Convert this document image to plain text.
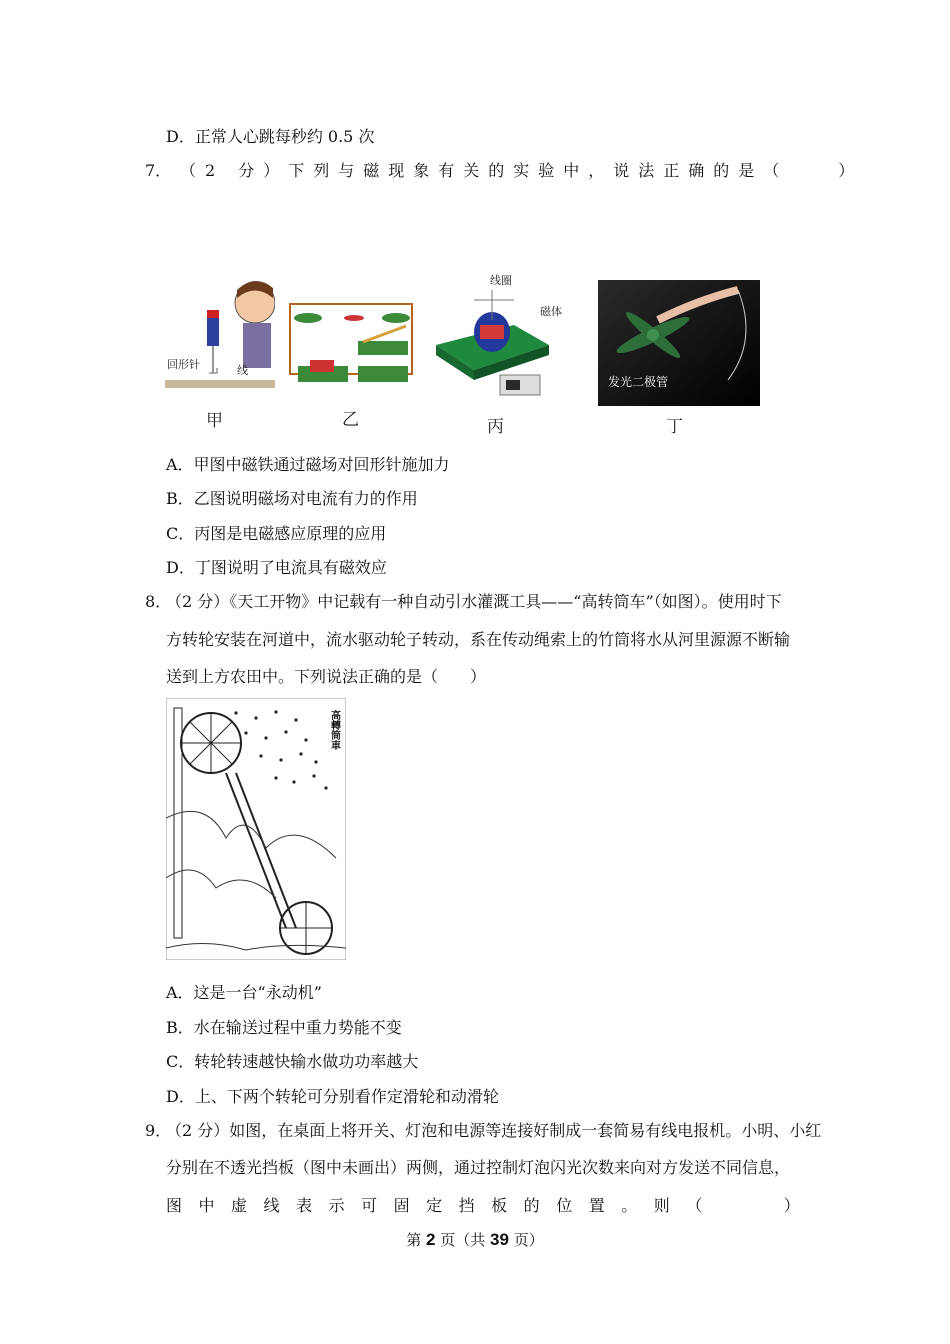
D．正常人心跳每秒约 0.5 次
7． （2 分）下列与磁现象有关的实验中，说法正确的是（　　）
回形针	线
甲	乙
线圈
磁体
丙
发光二极管
丁
A．甲图中磁铁通过磁场对回形针施加力
B．乙图说明磁场对电流有力的作用
C．丙图是电磁感应原理的应用
D．丁图说明了电流具有磁效应
8．
（2 分）《天工开物》中记载有一种自动引水灌溉工具——“高转筒车”（如图）。使用时下
方转轮安装在河道中，流水驱动轮子转动，系在传动绳索上的竹筒将水从河里源源不断输
送到上方农田中。下列说法正确的是（　　）
高轉筒車
A．这是一台“永动机”
B．水在输送过程中重力势能不变
C．转轮转速越快输水做功功率越大
D．上、下两个转轮可分别看作定滑轮和动滑轮
9．
（2 分）如图，在桌面上将开关、灯泡和电源等连接好制成一套简易有线电报机。小明、小红
分别在不透光挡板（图中未画出）两侧，通过控制灯泡闪光次数来向对方发送不同信息，
图 中 虚 线 表 示 可 固 定 挡 板 的 位 置 。 则 （

　	）
第 2 页（共 39 页）
